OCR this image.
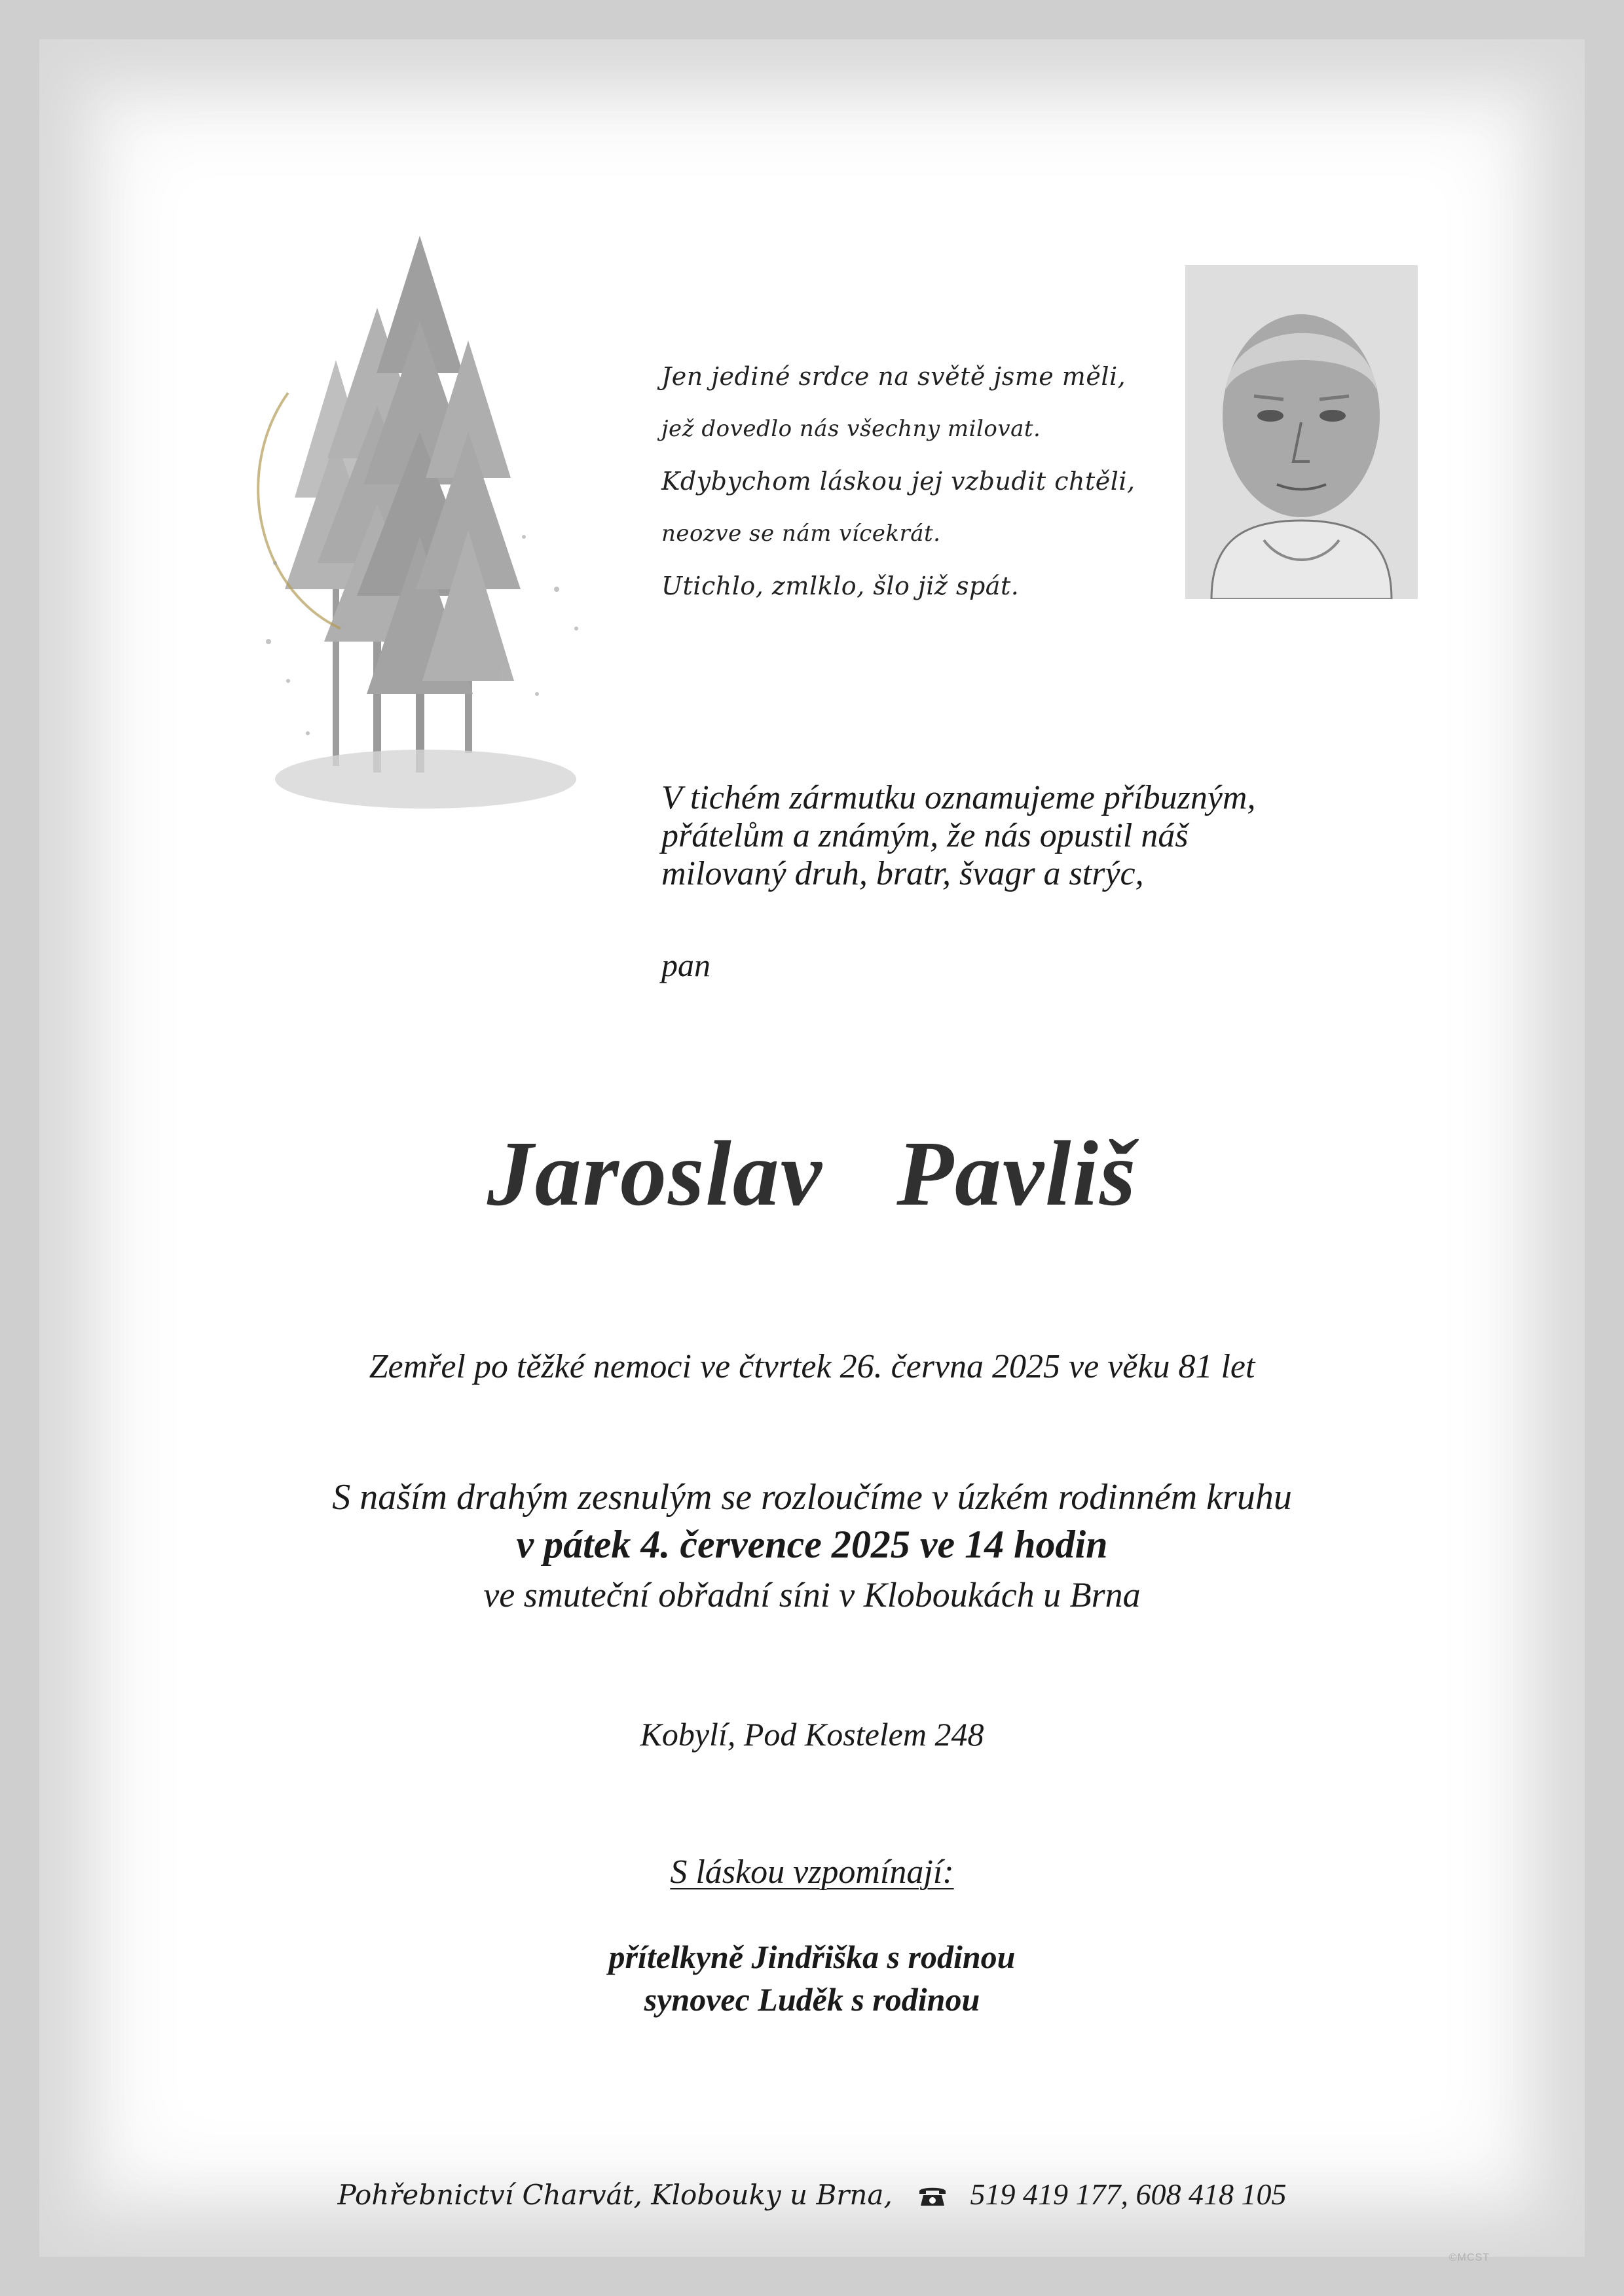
Jen jediné srdce na světě jsme měli,
jež dovedlo nás všechny milovat.
Kdybychom láskou jej vzbudit chtěli,
neozve se nám vícekrát.
Utichlo, zmlklo, šlo již spát.
V tichém zármutku oznamujeme příbuzným,
přátelům a známým, že nás opustil náš
milovaný druh, bratr, švagr a strýc,
pan
Jaroslav   Pavliš
Zemřel po těžké nemoci ve čtvrtek 26. června 2025 ve věku 81 let
S naším drahým zesnulým se rozloučíme v úzkém rodinném kruhu
v pátek 4. července 2025 ve 14 hodin
ve smuteční obřadní síni v Kloboukách u Brna
Kobylí, Pod Kostelem 248
S láskou vzpomínají:
přítelkyně Jindřiška s rodinou
synovec Luděk s rodinou
Pohřebnictví Charvát, Klobouky u Brna,	519 419 177, 608 418 105
©MCST
